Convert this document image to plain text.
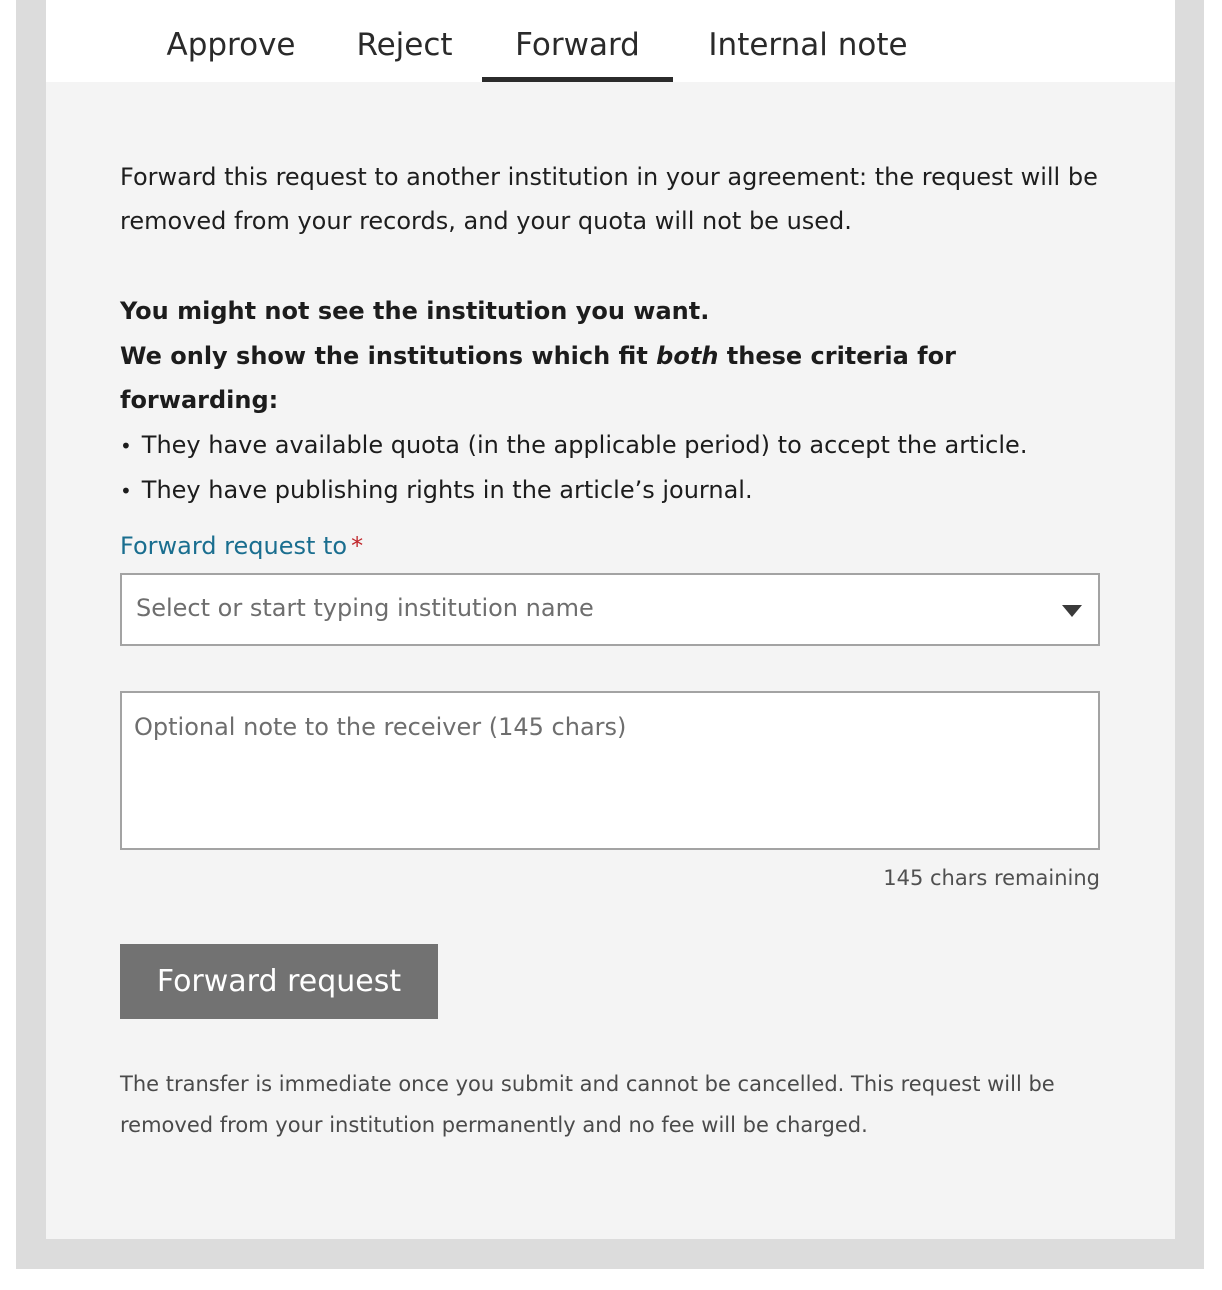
Approve	Reject	Forward	Internal note

Forward this request to another institution in your agreement: the request will be removed from your records, and your quota will not be used.

You might not see the institution you want.
We only show the institutions which fit both these criteria for forwarding:
• They have available quota (in the applicable period) to accept the article.
• They have publishing rights in the article’s journal.
Forward request to *
Select or start typing institution name
Optional note to the receiver (145 chars)
145 chars remaining
Forward request

The transfer is immediate once you submit and cannot be cancelled. This request will be removed from your institution permanently and no fee will be charged.
